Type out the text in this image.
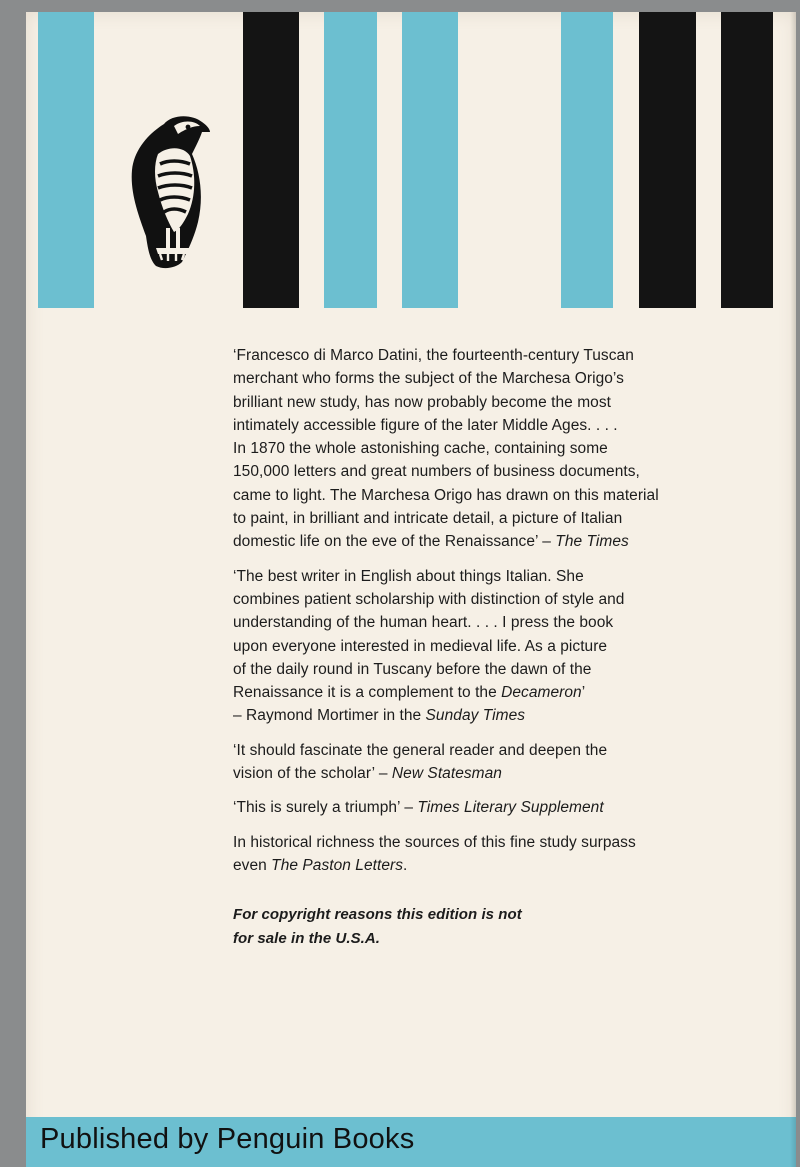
‘Francesco di Marco Datini, the fourteenth-century Tuscan
merchant who forms the subject of the Marchesa Origo’s
brilliant new study, has now probably become the most
intimately accessible figure of the later Middle Ages. . . .
In 1870 the whole astonishing cache, containing some
150,000 letters and great numbers of business documents,
came to light. The Marchesa Origo has drawn on this material
to paint, in brilliant and intricate detail, a picture of Italian
domestic life on the eve of the Renaissance’ – The Times
‘The best writer in English about things Italian. She
combines patient scholarship with distinction of style and
understanding of the human heart. . . . I press the book
upon everyone interested in medieval life. As a picture
of the daily round in Tuscany before the dawn of the
Renaissance it is a complement to the Decameron’
– Raymond Mortimer in the Sunday Times
‘It should fascinate the general reader and deepen the
vision of the scholar’ – New Statesman
‘This is surely a triumph’ – Times Literary Supplement
In historical richness the sources of this fine study surpass
even The Paston Letters.
For copyright reasons this edition is not
for sale in the U.S.A.
Published by Penguin Books
